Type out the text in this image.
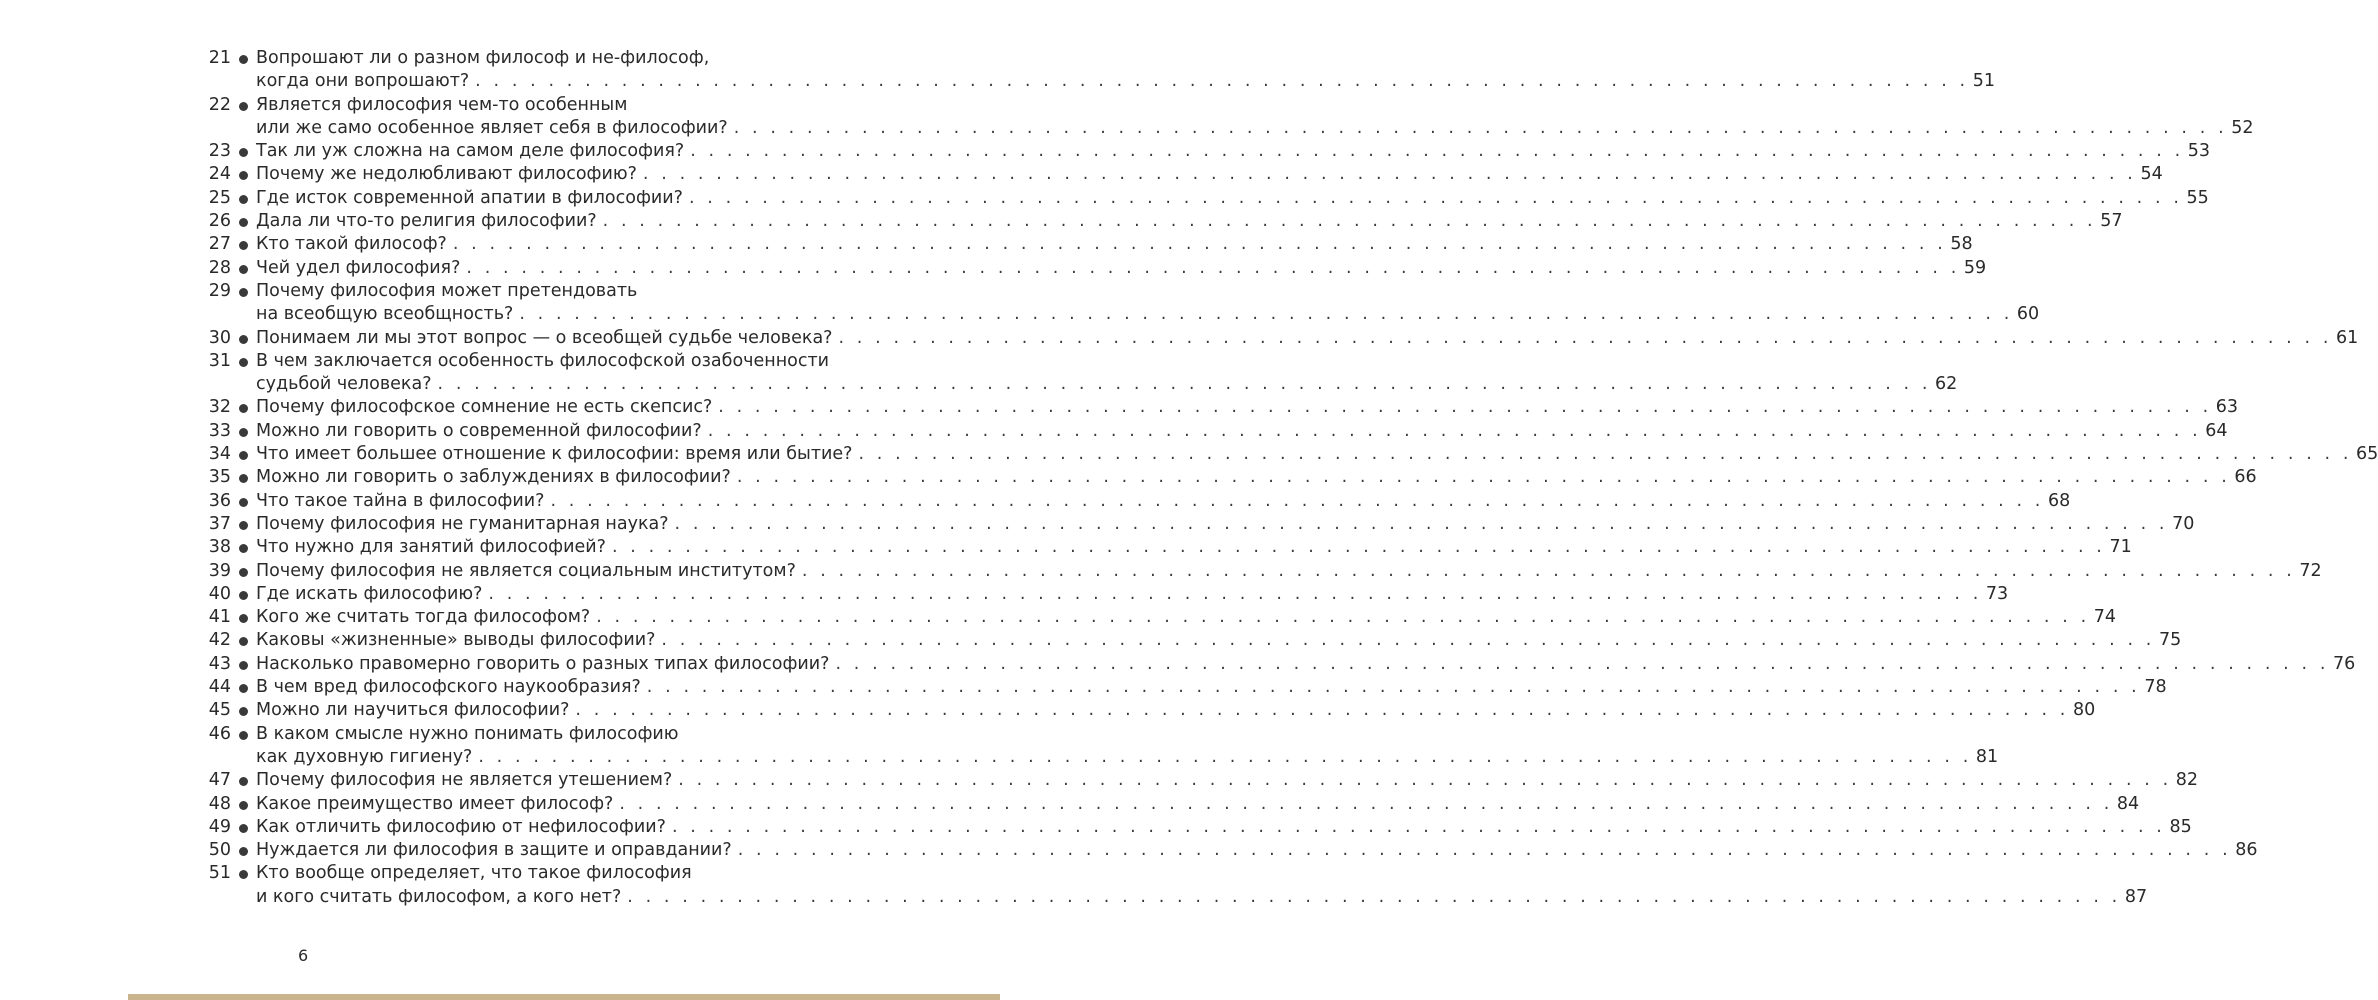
21 Вопрошают ли о разном философ и не-философ,
когда они вопрошают? . . .	51
22 Является философия чем-то особенным
или же само особенное являет себя в философии? . . .	52
23 Так ли уж сложна на самом деле философия? . . .	53
24 Почему же недолюбливают философию? . . .	54
25 Где исток современной апатии в философии? . . .	55
26 Дала ли что-то религия философии? . . .	57
27 Кто такой философ? . . .	58
28 Чей удел философия? . . .	59
29 Почему философия может претендовать
на всеобщую всеобщность? . . .	60
30 Понимаем ли мы этот вопрос — о всеобщей судьбе человека? . . .	61
31 В чем заключается особенность философской озабоченности
судьбой человека? . . .	62
32 Почему философское сомнение не есть скепсис? . . .	63
33 Можно ли говорить о современной философии? . . .	64
34 Что имеет большее отношение к философии: время или бытие? . . .	65
35 Можно ли говорить о заблуждениях в философии? . . .	66
36 Что такое тайна в философии? . . .	68
37 Почему философия не гуманитарная наука? . . .	70
38 Что нужно для занятий философией? . . .	71
39 Почему философия не является социальным институтом? . . .	72
40 Где искать философию? . . .	73
41 Кого же считать тогда философом? . . .	74
42 Каковы «жизненные» выводы философии? . . .	75
43 Насколько правомерно говорить о разных типах философии? . . .	76
44 В чем вред философского наукообразия? . . .	78
45 Можно ли научиться философии? . . .	80
46 В каком смысле нужно понимать философию
как духовную гигиену? . . .	81
47 Почему философия не является утешением? . . .	82
48 Какое преимущество имеет философ? . . .	84
49 Как отличить философию от нефилософии? . . .	85
50 Нуждается ли философия в защите и оправдании? . . .	86
51 Кто вообще определяет, что такое философия
и кого считать философом, а кого нет? . . .	87
6
